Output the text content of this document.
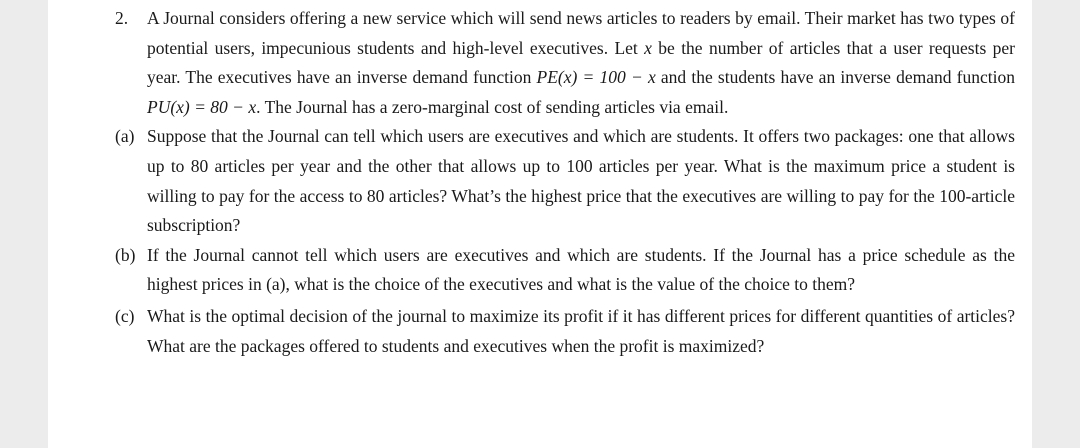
2. A Journal considers offering a new service which will send news articles to readers by email. Their market has two types of potential users, impecunious students and high-level executives. Let x be the number of articles that a user requests per year. The executives have an inverse demand function PE(x) = 100 − x and the students have an inverse demand function PU(x) = 80 − x. The Journal has a zero-marginal cost of sending articles via email.
(a) Suppose that the Journal can tell which users are executives and which are students. It offers two packages: one that allows up to 80 articles per year and the other that allows up to 100 articles per year. What is the maximum price a student is willing to pay for the access to 80 articles? What’s the highest price that the executives are willing to pay for the 100-article subscription?
(b) If the Journal cannot tell which users are executives and which are students. If the Journal has a price schedule as the highest prices in (a), what is the choice of the executives and what is the value of the choice to them?
(c) What is the optimal decision of the journal to maximize its profit if it has different prices for different quantities of articles? What are the packages offered to students and executives when the profit is maximized?
